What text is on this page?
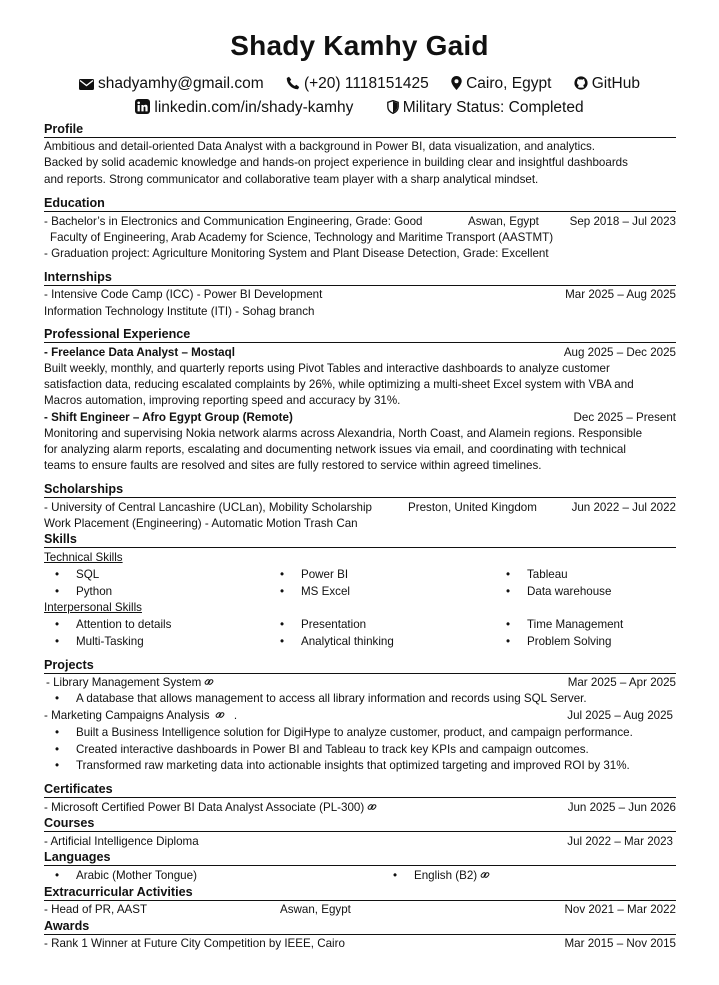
Shady Kamhy Gaid
shadyamhy@gmail.com	(+20) 1118151425 Cairo, Egypt	GitHub
linkedin.com/in/shady-kamhy	Military Status: Completed
Profile
Ambitious and detail-oriented Data Analyst with a background in Power BI, data visualization, and analytics.
Backed by solid academic knowledge and hands-on project experience in building clear and insightful dashboards
and reports. Strong communicator and collaborative team player with a sharp analytical mindset.
Education
- Bachelor’s in Electronics and Communication Engineering, Grade: Good	Aswan, Egypt	Sep 2018 – Jul 2023
Faculty of Engineering, Arab Academy for Science, Technology and Maritime Transport (AASTMT)
- Graduation project: Agriculture Monitoring System and Plant Disease Detection, Grade: Excellent
Internships
- Intensive Code Camp (ICC) - Power BI Development	Mar 2025 – Aug 2025
Information Technology Institute (ITI) - Sohag branch
Professional Experience
- Freelance Data Analyst – Mostaql	Aug 2025 – Dec 2025
Built weekly, monthly, and quarterly reports using Pivot Tables and interactive dashboards to analyze customer
satisfaction data, reducing escalated complaints by 26%, while optimizing a multi-sheet Excel system with VBA and
Macros automation, improving reporting speed and accuracy by 31%.
- Shift Engineer – Afro Egypt Group (Remote)	Dec 2025 – Present
Monitoring and supervising Nokia network alarms across Alexandria, North Coast, and Alamein regions. Responsible
for analyzing alarm reports, escalating and documenting network issues via email, and coordinating with technical
teams to ensure faults are resolved and sites are fully restored to service within agreed timelines.
Scholarships
- University of Central Lancashire (UCLan), Mobility Scholarship	Preston, United Kingdom	Jun 2022 – Jul 2022
Work Placement (Engineering) - Automatic Motion Trash Can
Skills
Technical Skills
• SQL	• Power BI	• Tableau
• Python	• MS Excel	• Data warehouse
Interpersonal Skills
• Attention to details	• Presentation	• Time Management
• Multi-Tasking	• Analytical thinking	• Problem Solving
Projects
- Library Management System	Mar 2025 – Apr 2025
• A database that allows management to access all library information and records using SQL Server.
- Marketing Campaigns Analysis .	Jul 2025 – Aug 2025
• Built a Business Intelligence solution for DigiHype to analyze customer, product, and campaign performance.
• Created interactive dashboards in Power BI and Tableau to track key KPIs and campaign outcomes.
• Transformed raw marketing data into actionable insights that optimized targeting and improved ROI by 31%.
Certificates
- Microsoft Certified Power BI Data Analyst Associate (PL-300)	Jun 2025 – Jun 2026
Courses
- Artificial Intelligence Diploma	Jul 2022 – Mar 2023
Languages
• Arabic (Mother Tongue)	• English (B2)
Extracurricular Activities
- Head of PR, AAST	Aswan, Egypt	Nov 2021 – Mar 2022
Awards
- Rank 1 Winner at Future City Competition by IEEE, Cairo	Mar 2015 – Nov 2015
